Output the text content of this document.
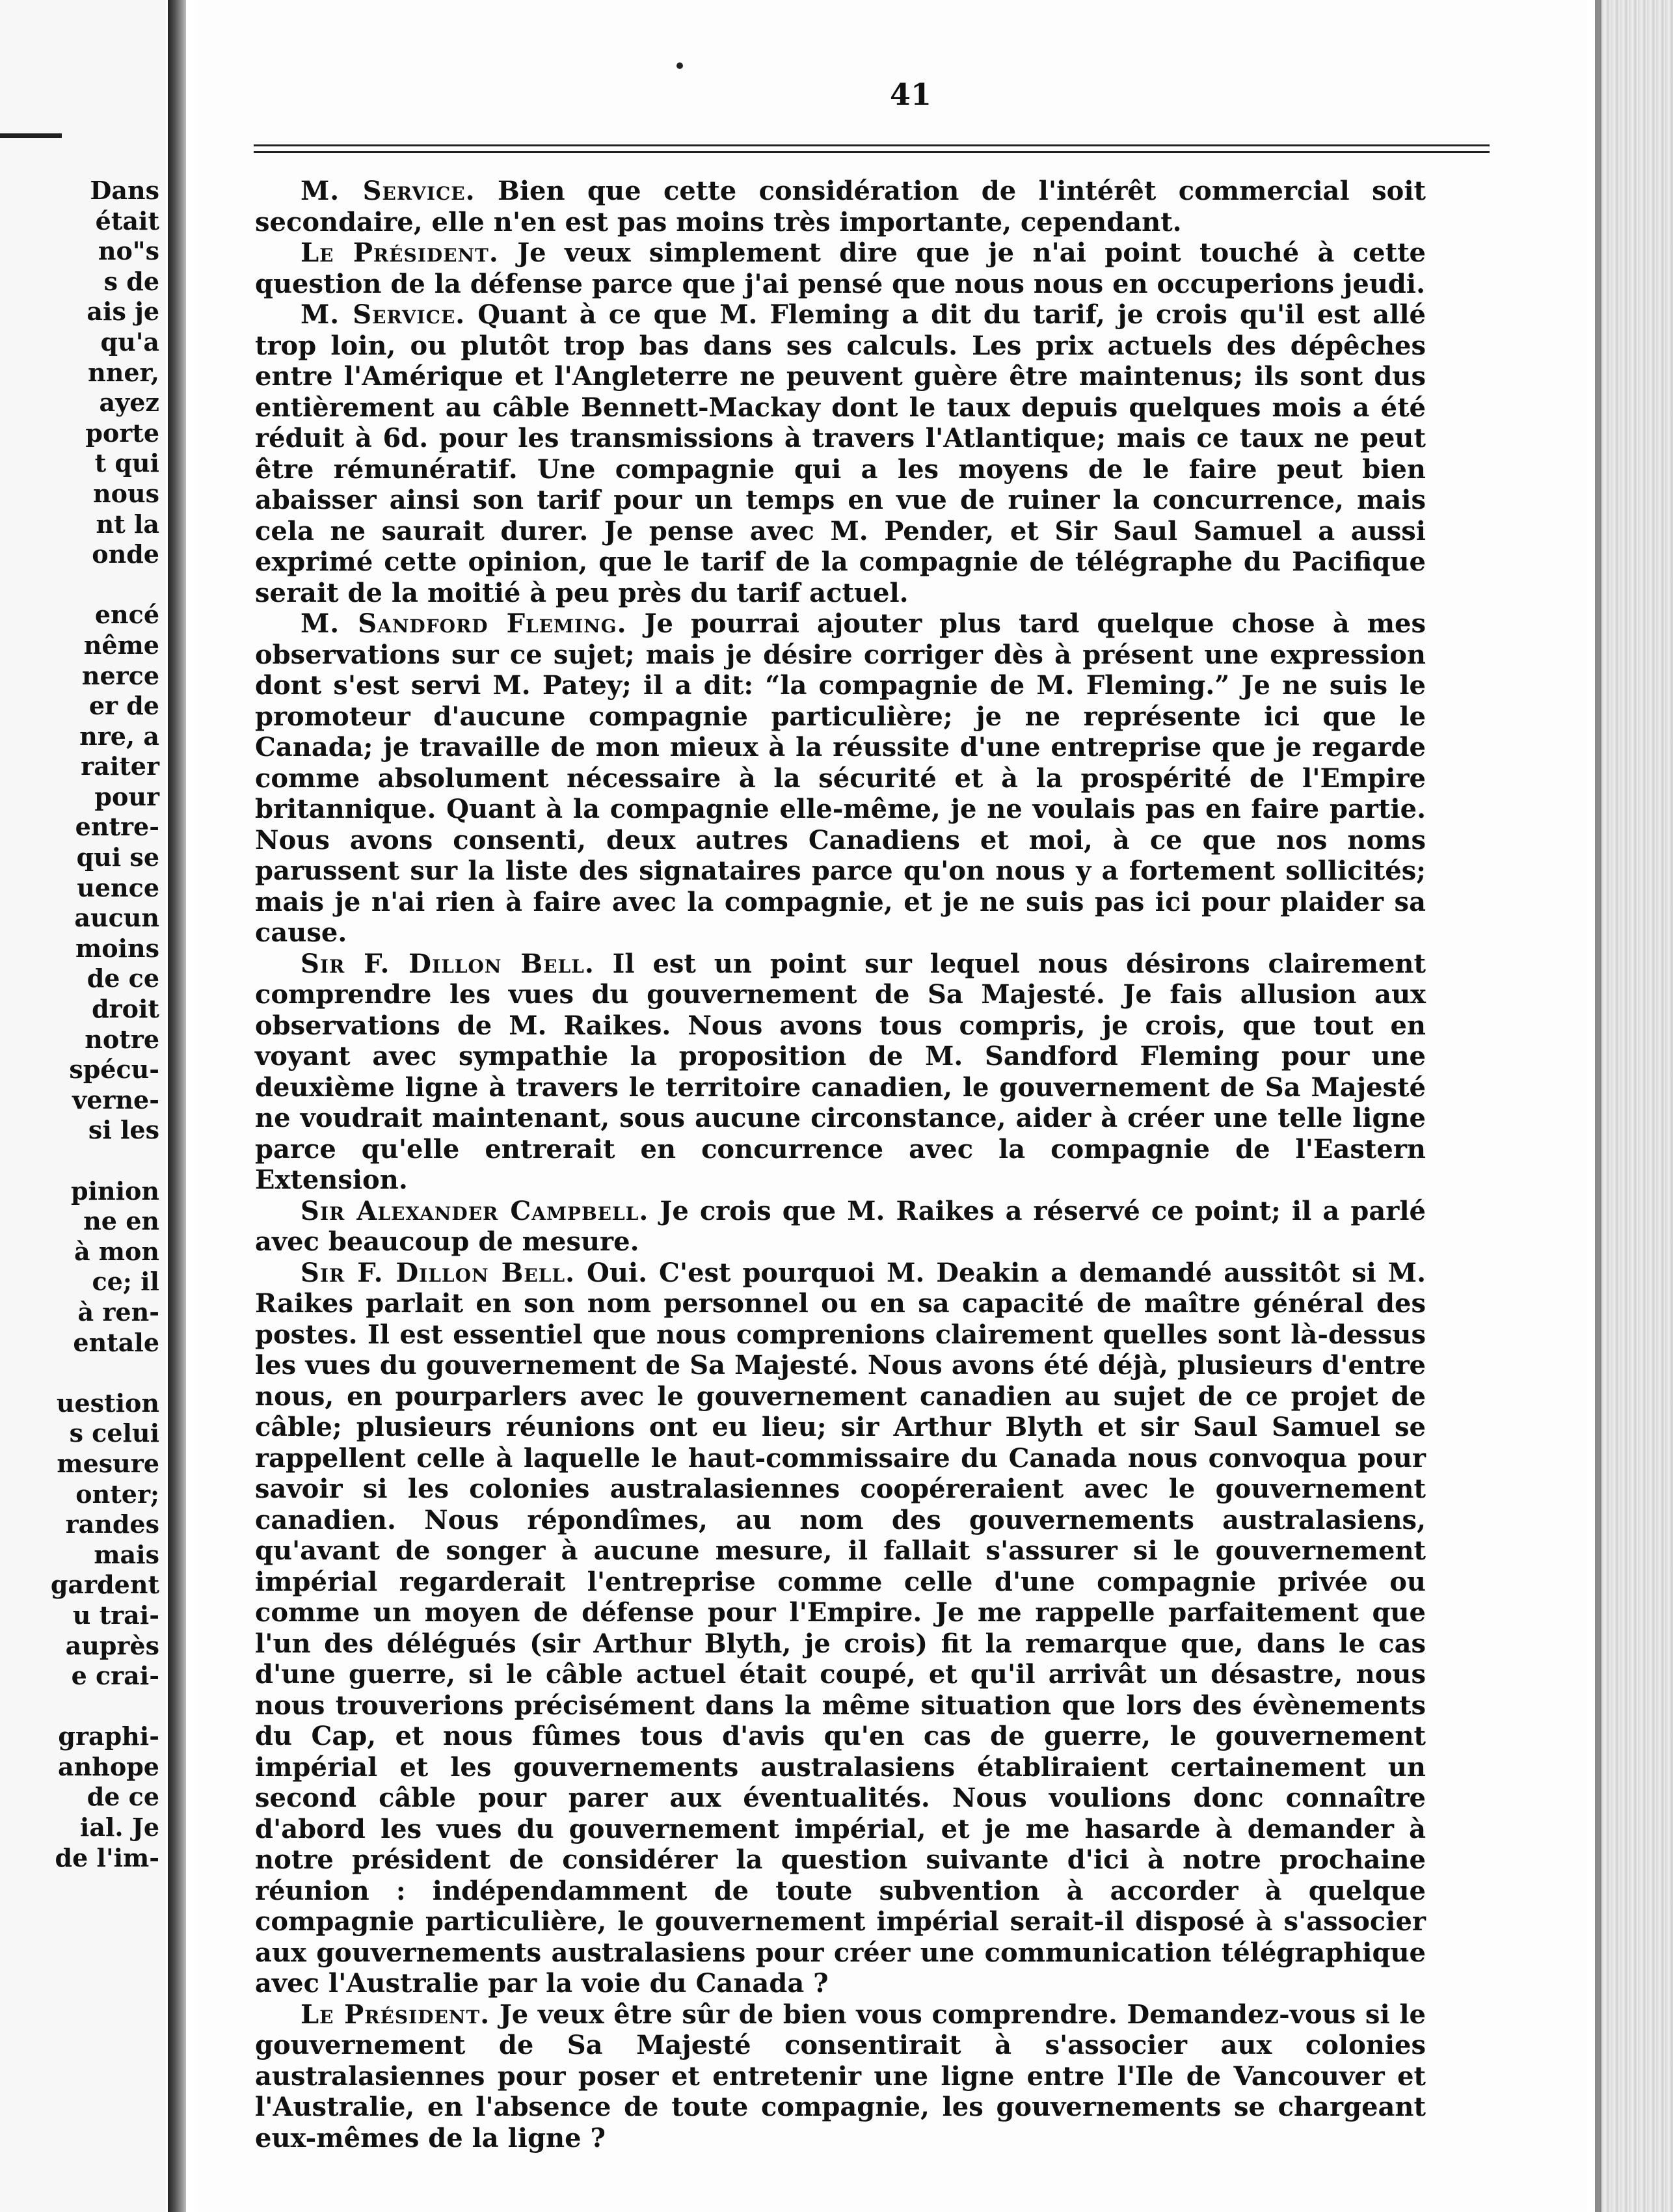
Dans
était
no"s
s de
ais je
qu'a
nner,
ayez
porte
t qui
nous
nt la
onde
encé
nême
nerce
er de
nre, a
raiter
pour
entre-
qui se
uence
aucun
moins
de ce
droit
notre
spécu-
verne-
si les
pinion
ne en
à mon
ce; il
à ren-
entale
uestion
s celui
mesure
onter;
randes
mais
gardent
u trai-
auprès
e crai-
graphi-
anhope
de ce
ial. Je
de l'im-
41

M. Service. Bien que cette considération de l'intérêt commercial soit secondaire, elle n'en est pas moins très importante, cependant.

Le Président. Je veux simplement dire que je n'ai point touché à cette question de la défense parce que j'ai pensé que nous nous en occuperions jeudi.

M. Service. Quant à ce que M. Fleming a dit du tarif, je crois qu'il est allé trop loin, ou plutôt trop bas dans ses calculs. Les prix actuels des dépêches entre l'Amérique et l'Angleterre ne peuvent guère être maintenus; ils sont dus entièrement au câble Bennett-Mackay dont le taux depuis quelques mois a été réduit à 6d. pour les transmissions à travers l'Atlantique; mais ce taux ne peut être rémunératif. Une compagnie qui a les moyens de le faire peut bien abaisser ainsi son tarif pour un temps en vue de ruiner la concurrence, mais cela ne saurait durer. Je pense avec M. Pender, et Sir Saul Samuel a aussi exprimé cette opinion, que le tarif de la compagnie de télégraphe du Pacifique serait de la moitié à peu près du tarif actuel.

M. Sandford Fleming. Je pourrai ajouter plus tard quelque chose à mes observations sur ce sujet; mais je désire corriger dès à présent une expression dont s'est servi M. Patey; il a dit: “la compagnie de M. Fleming.” Je ne suis le promoteur d'aucune compagnie particulière; je ne représente ici que le Canada; je travaille de mon mieux à la réussite d'une entreprise que je regarde comme absolument nécessaire à la sécurité et à la prospérité de l'Empire britannique. Quant à la compagnie elle-même, je ne voulais pas en faire partie. Nous avons consenti, deux autres Canadiens et moi, à ce que nos noms parussent sur la liste des signataires parce qu'on nous y a fortement sollicités; mais je n'ai rien à faire avec la compagnie, et je ne suis pas ici pour plaider sa cause.

Sir F. Dillon Bell. Il est un point sur lequel nous désirons clairement comprendre les vues du gouvernement de Sa Majesté. Je fais allusion aux observations de M. Raikes. Nous avons tous compris, je crois, que tout en voyant avec sympathie la proposition de M. Sandford Fleming pour une deuxième ligne à travers le territoire canadien, le gouvernement de Sa Majesté ne voudrait maintenant, sous aucune circonstance, aider à créer une telle ligne parce qu'elle entrerait en concurrence avec la compagnie de l'Eastern Extension.

Sir Alexander Campbell. Je crois que M. Raikes a réservé ce point; il a parlé avec beaucoup de mesure.

Sir F. Dillon Bell. Oui. C'est pourquoi M. Deakin a demandé aussitôt si M. Raikes parlait en son nom personnel ou en sa capacité de maître général des postes. Il est essentiel que nous comprenions clairement quelles sont là-dessus les vues du gouvernement de Sa Majesté. Nous avons été déjà, plusieurs d'entre nous, en pourparlers avec le gouvernement canadien au sujet de ce projet de câble; plusieurs réunions ont eu lieu; sir Arthur Blyth et sir Saul Samuel se rappellent celle à laquelle le haut-commissaire du Canada nous convoqua pour savoir si les colonies australasiennes coopéreraient avec le gouvernement canadien. Nous répondîmes, au nom des gouvernements australasiens, qu'avant de songer à aucune mesure, il fallait s'assurer si le gouvernement impérial regarderait l'entreprise comme celle d'une compagnie privée ou comme un moyen de défense pour l'Empire. Je me rappelle parfaitement que l'un des délégués (sir Arthur Blyth, je crois) fit la remarque que, dans le cas d'une guerre, si le câble actuel était coupé, et qu'il arrivât un désastre, nous nous trouverions précisément dans la même situation que lors des évènements du Cap, et nous fûmes tous d'avis qu'en cas de guerre, le gouvernement impérial et les gouvernements australasiens établiraient certainement un second câble pour parer aux éventualités. Nous voulions donc connaître d'abord les vues du gouvernement impérial, et je me hasarde à demander à notre président de considérer la question suivante d'ici à notre prochaine réunion : indépendamment de toute subvention à accorder à quelque compagnie particulière, le gouvernement impérial serait-il disposé à s'associer aux gouvernements australasiens pour créer une communication télégraphique avec l'Australie par la voie du Canada ?

Le Président. Je veux être sûr de bien vous comprendre. Demandez-vous si le gouvernement de Sa Majesté consentirait à s'associer aux colonies australasiennes pour poser et entretenir une ligne entre l'Ile de Vancouver et l'Australie, en l'absence de toute compagnie, les gouvernements se chargeant eux-mêmes de la ligne ?
